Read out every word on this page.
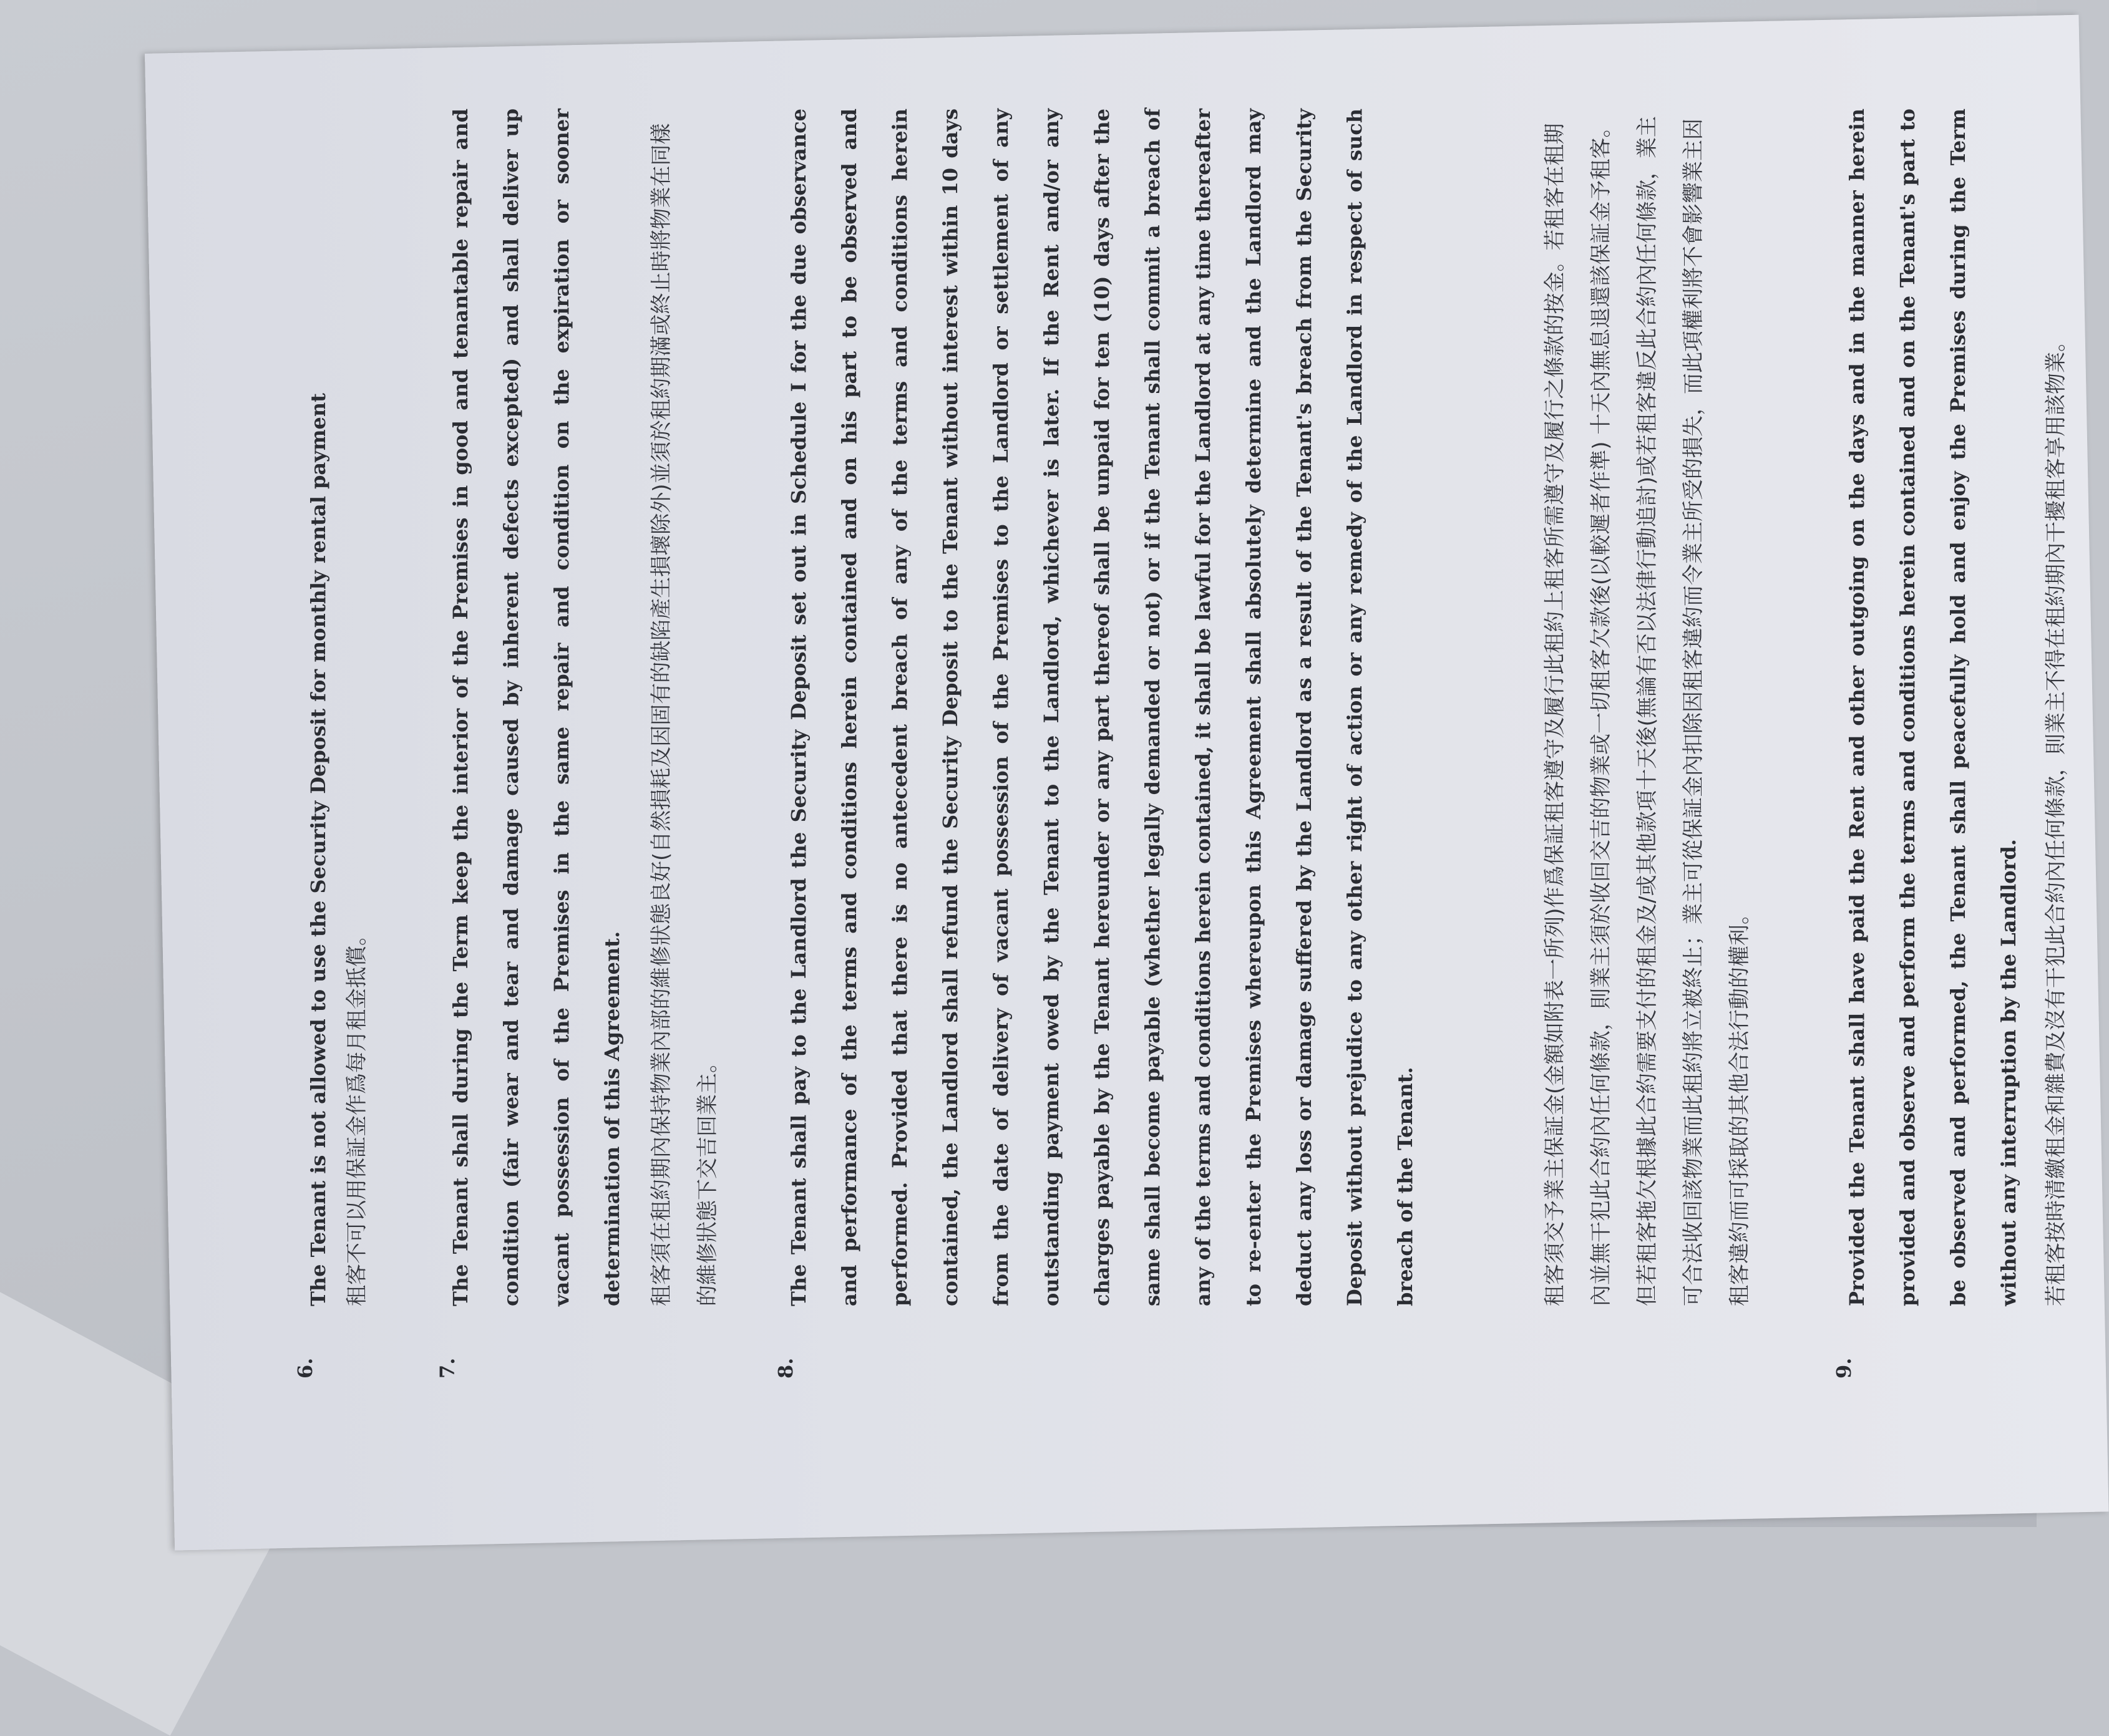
6.

The Tenant is not allowed to use the Security Deposit for monthly rental payment 租客不可以用保証金作爲每月租金抵償。

7.

The Tenant shall during the Term keep the interior of the Premises in good and tenantable repair and condition (fair wear and tear and damage caused by inherent defects excepted) and shall deliver up vacant possession of the Premises in the same repair and condition on the expiration or sooner determination of this Agreement.	租客須在租約期內保持物業內部的維修狀態良好(自然損耗及因固有的缺陷產生損壞除外)並須於租約期滿或終止時將物業在同樣的維修狀態下交吉回業主。

8.

The Tenant shall pay to the Landlord the Security Deposit set out in Schedule I for the due observance and performance of the terms and conditions herein contained and on his part to be observed and performed. Provided that there is no antecedent breach of any of the terms and conditions herein contained, the Landlord shall refund the Security Deposit to the Tenant without interest within 10 days from the date of delivery of vacant possession of the Premises to the Landlord or settlement of any outstanding payment owed by the Tenant to the Landlord, whichever is later. If the Rent and/or any charges payable by the Tenant hereunder or any part thereof shall be unpaid for ten (10) days after the same shall become payable (whether legally demanded or not) or if the Tenant shall commit a breach of any of the terms and conditions herein contained, it shall be lawful for the Landlord at any time thereafter to re-enter the Premises whereupon this Agreement shall absolutely determine and the Landlord may deduct any loss or damage suffered by the Landlord as a result of the Tenant's breach from the Security Deposit without prejudice to any other right of action or any remedy of the Landlord in respect of such breach of the Tenant.	租客須交予業主保証金(金額如附表一所列)作爲保証租客遵守及履行此租約上租客所需遵守及履行之條款的按金。若租客在租期內並無干犯此合約內任何條款，則業主須於收回交吉的物業或一切租客欠款後(以較遲者作準) 十天內無息退還該保証金予租客。但若租客拖欠根據此合約需要支付的租金及/或其他款項十天後(無論有否以法律行動追討)或若租客違反此合約內任何條款，業主可合法收回該物業而此租約將立被終止；業主可從保証金內扣除因租客違約而令業主所受的損失，而此項權利將不會影響業主因租客違約而可採取的其他合法行動的權利。

9.

Provided the Tenant shall have paid the Rent and other outgoing on the days and in the manner herein provided and observe and perform the terms and conditions herein contained and on the Tenant's part to be observed and performed, the Tenant shall peacefully hold and enjoy the Premises during the Term without any interruption by the Landlord.	若租客按時清繳租金和雜費及沒有干犯此合約內任何條款，則業主不得在租約期內干擾租客享用該物業。
